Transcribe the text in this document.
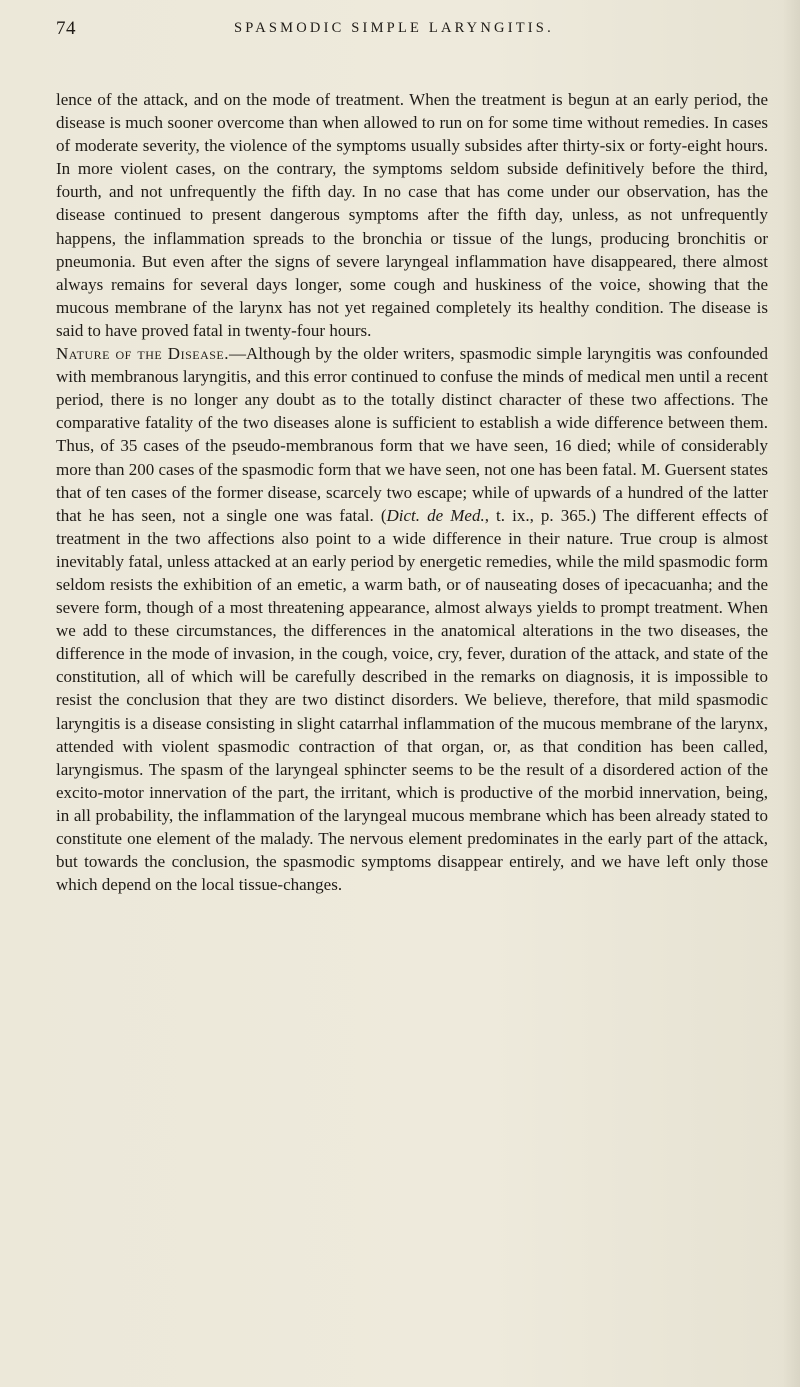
74	SPASMODIC SIMPLE LARYNGITIS.

lence of the attack, and on the mode of treatment. When the treatment is begun at an early period, the disease is much sooner overcome than when allowed to run on for some time without remedies. In cases of moderate severity, the violence of the symptoms usually subsides after thirty-six or forty-eight hours. In more violent cases, on the contrary, the symptoms seldom subside definitively before the third, fourth, and not unfrequently the fifth day. In no case that has come under our observation, has the disease continued to present dangerous symptoms after the fifth day, unless, as not unfrequently happens, the inflammation spreads to the bronchia or tissue of the lungs, producing bronchitis or pneumonia. But even after the signs of severe laryngeal inflammation have disappeared, there almost always remains for several days longer, some cough and huskiness of the voice, showing that the mucous membrane of the larynx has not yet regained completely its healthy condition. The disease is said to have proved fatal in twenty-four hours.

Nature of the Disease.—Although by the older writers, spasmodic simple laryngitis was confounded with membranous laryngitis, and this error continued to confuse the minds of medical men until a recent period, there is no longer any doubt as to the totally distinct character of these two affections. The comparative fatality of the two diseases alone is sufficient to establish a wide difference between them. Thus, of 35 cases of the pseudo-membranous form that we have seen, 16 died; while of considerably more than 200 cases of the spasmodic form that we have seen, not one has been fatal. M. Guersent states that of ten cases of the former disease, scarcely two escape; while of upwards of a hundred of the latter that he has seen, not a single one was fatal. (Dict. de Med., t. ix., p. 365.) The different effects of treatment in the two affections also point to a wide difference in their nature. True croup is almost inevitably fatal, unless attacked at an early period by energetic remedies, while the mild spasmodic form seldom resists the exhibition of an emetic, a warm bath, or of nauseating doses of ipecacuanha; and the severe form, though of a most threatening appearance, almost always yields to prompt treatment. When we add to these circumstances, the differences in the anatomical alterations in the two diseases, the difference in the mode of invasion, in the cough, voice, cry, fever, duration of the attack, and state of the constitution, all of which will be carefully described in the remarks on diagnosis, it is impossible to resist the conclusion that they are two distinct disorders. We believe, therefore, that mild spasmodic laryngitis is a disease consisting in slight catarrhal inflammation of the mucous membrane of the larynx, attended with violent spasmodic contraction of that organ, or, as that condition has been called, laryngismus. The spasm of the laryngeal sphincter seems to be the result of a disordered action of the excito-motor innervation of the part, the irritant, which is productive of the morbid innervation, being, in all probability, the inflammation of the laryngeal mucous membrane which has been already stated to constitute one element of the malady. The nervous element predominates in the early part of the attack, but towards the conclusion, the spasmodic symptoms disappear entirely, and we have left only those which depend on the local tissue-changes.
